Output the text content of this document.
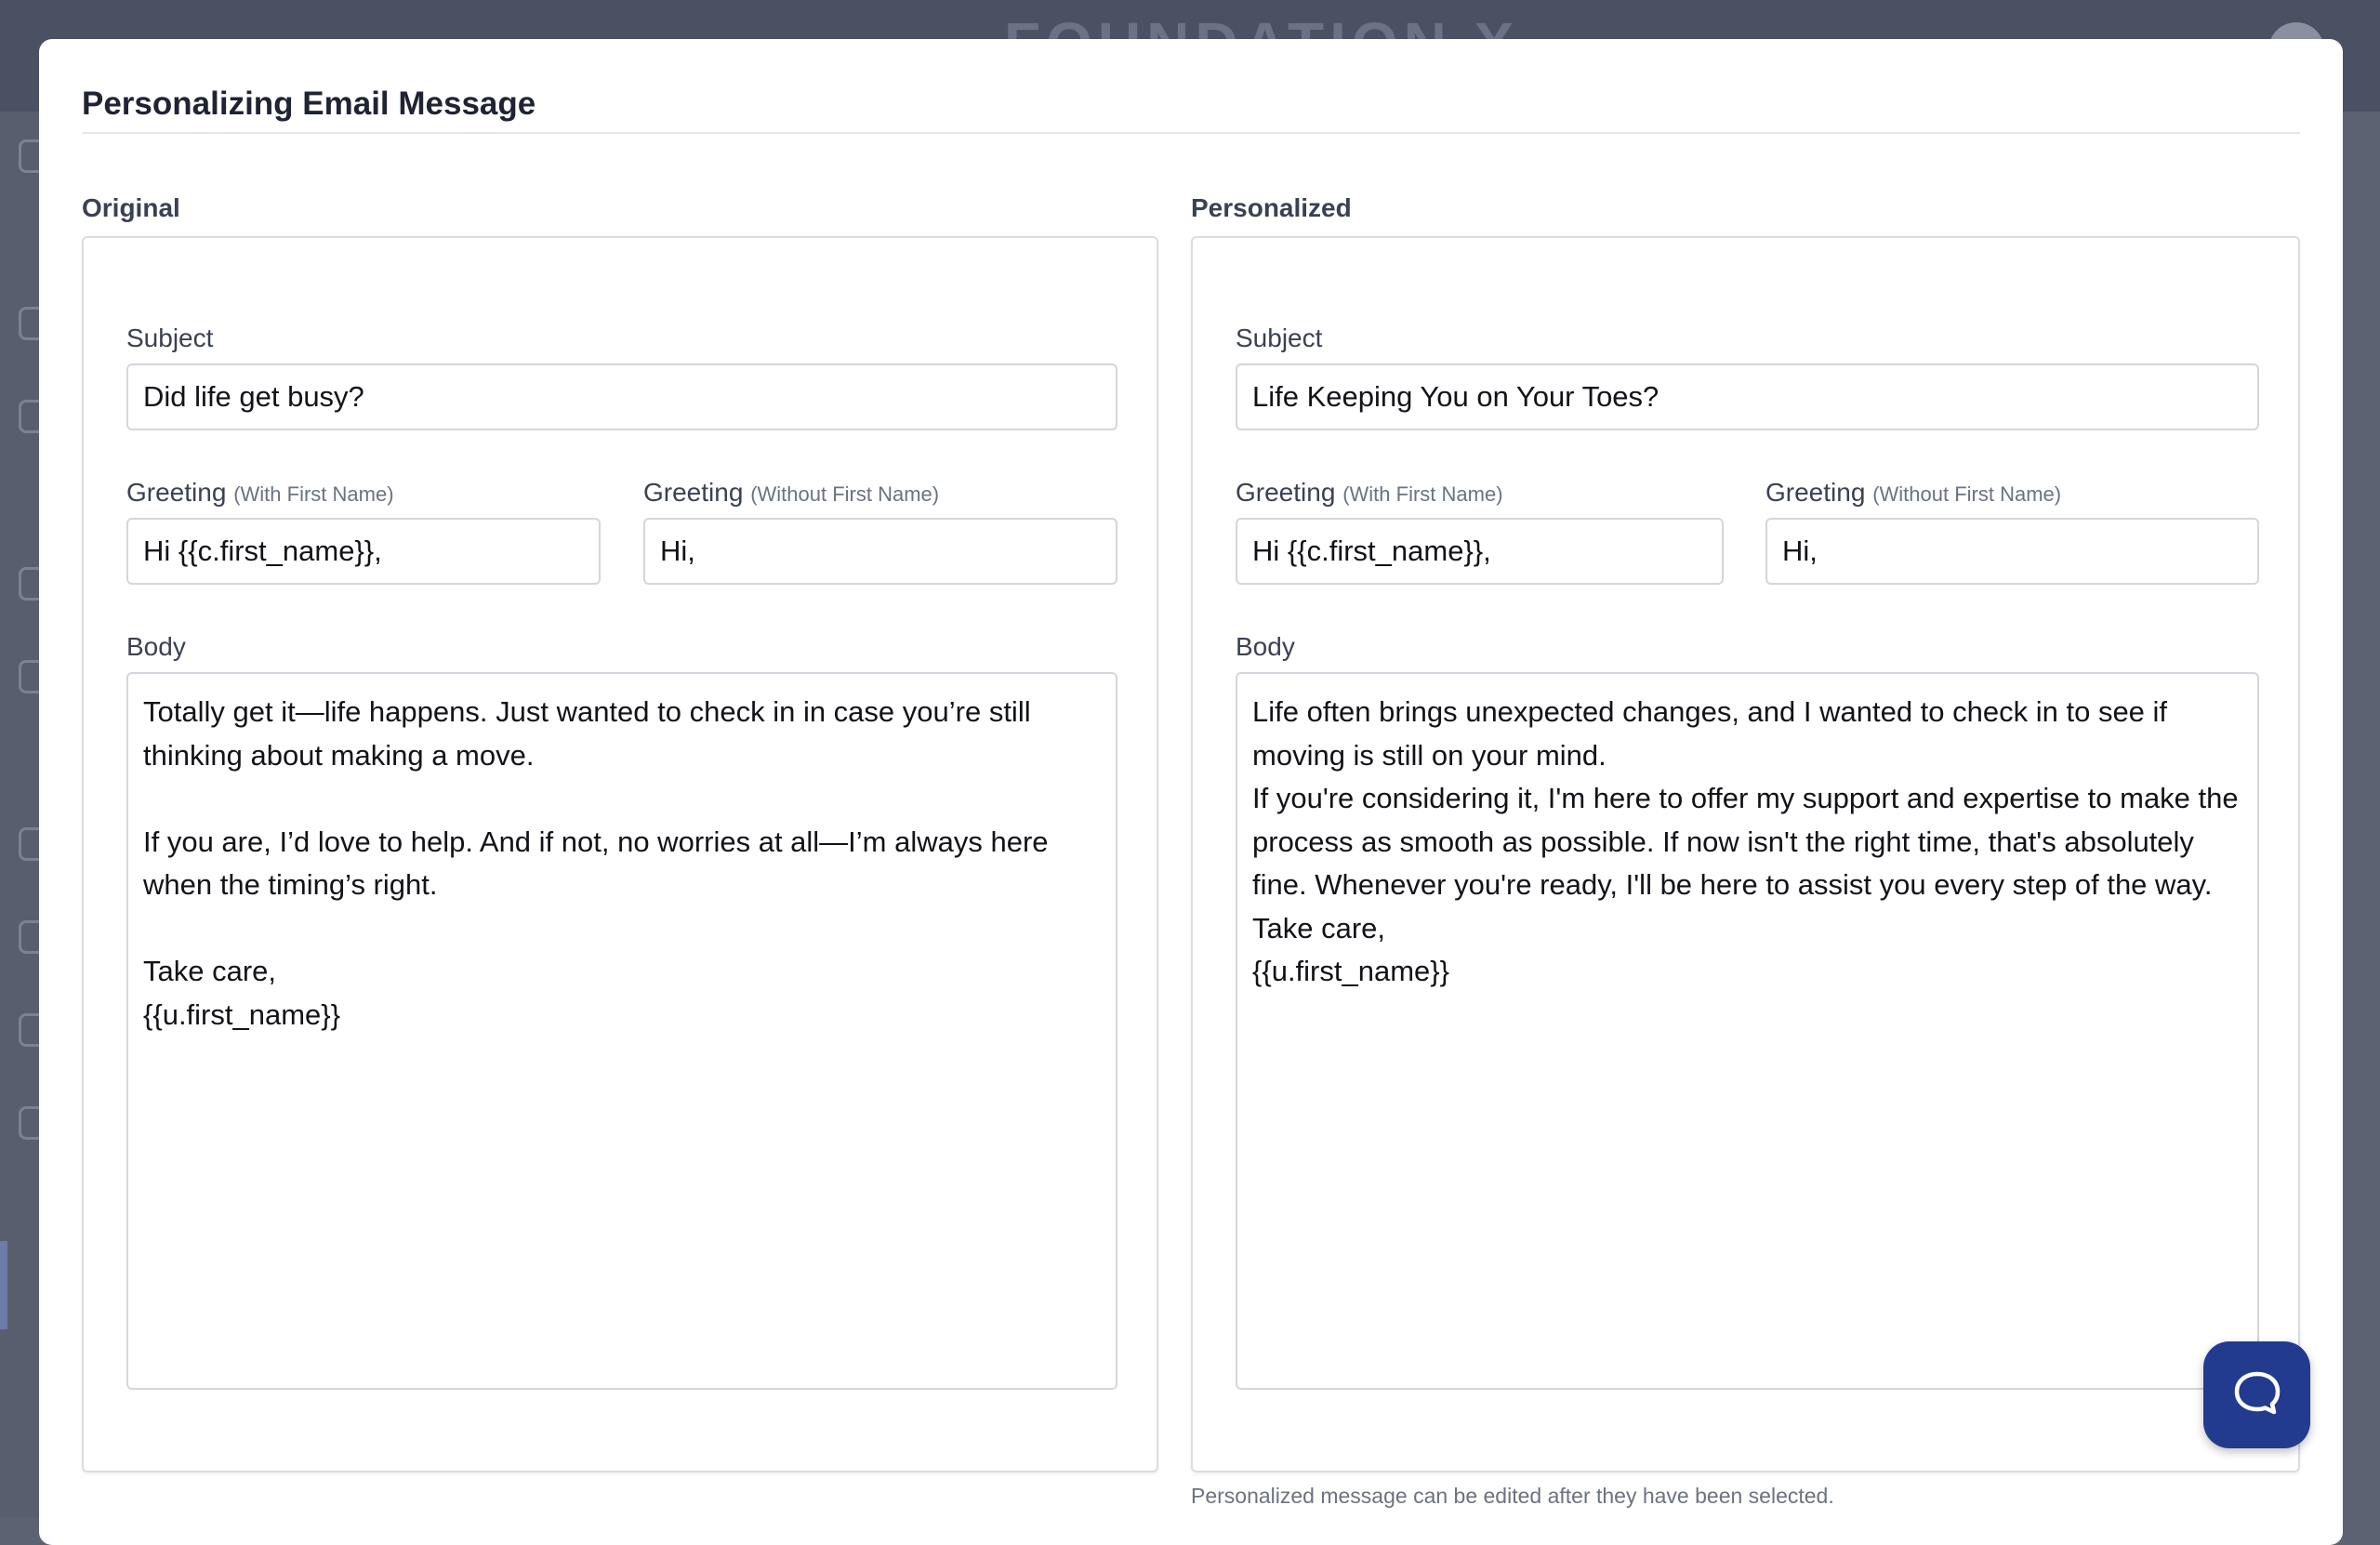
Personalizing Email Message
Original
Subject
Did life get busy?
Greeting (With First Name)
Hi {{c.first_name}},
Greeting (Without First Name)
Hi,
Body
Totally get it—life happens. Just wanted to check in in case you’re still thinking about making a move.

If you are, I’d love to help. And if not, no worries at all—I’m always here when the timing’s right.

Take care,
{{u.first_name}}
Personalized
Subject
Life Keeping You on Your Toes?
Greeting (With First Name)
Hi {{c.first_name}},
Greeting (Without First Name)
Hi,
Body
Life often brings unexpected changes, and I wanted to check in to see if moving is still on your mind.
If you're considering it, I'm here to offer my support and expertise to make the process as smooth as possible. If now isn't the right time, that's absolutely fine. Whenever you're ready, I'll be here to assist you every step of the way.
Take care,
{{u.first_name}}
Personalized message can be edited after they have been selected.
